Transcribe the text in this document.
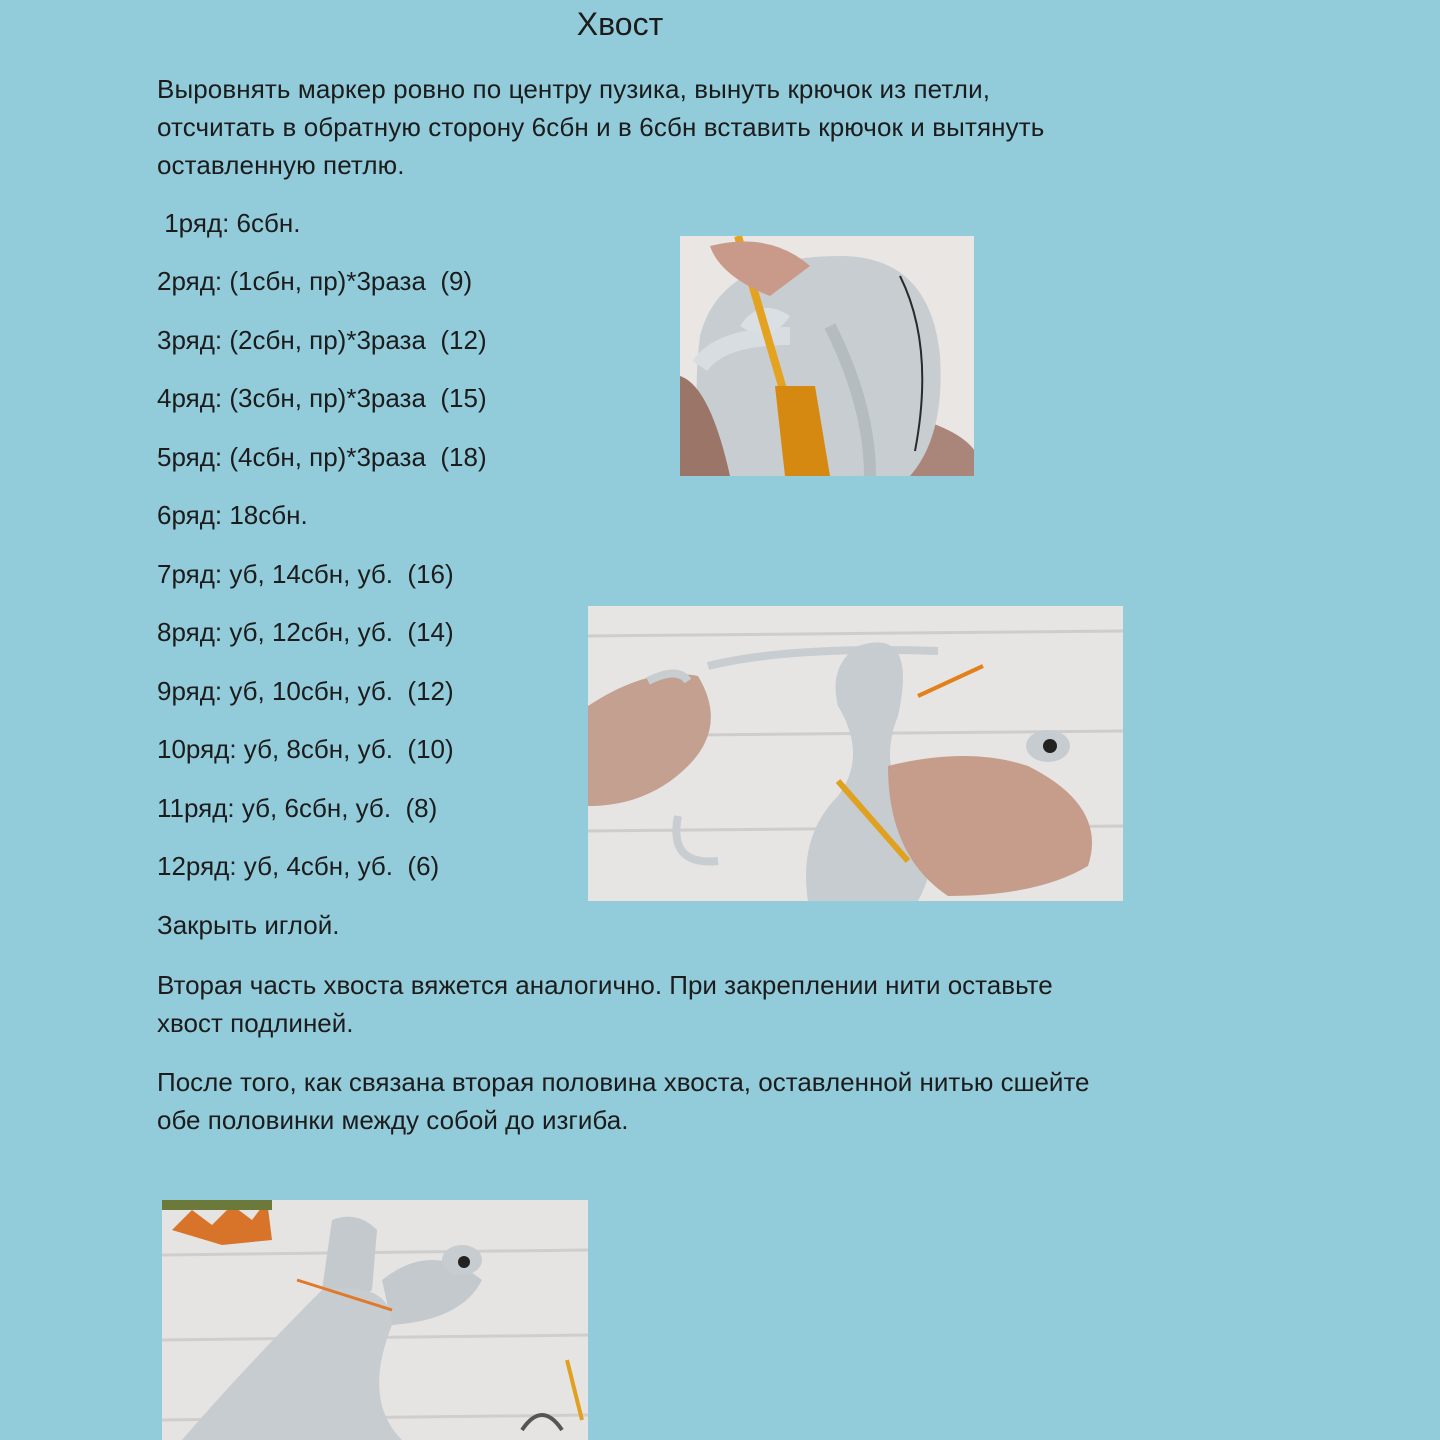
Хвост
Выровнять маркер ровно по центру пузика, вынуть крючок из петли, отсчитать в обратную сторону 6сбн и в 6сбн вставить крючок и вытянуть оставленную петлю.
1ряд: 6сбн.
2ряд: (1сбн, пр)*3раза  (9)
3ряд: (2сбн, пр)*3раза  (12)
4ряд: (3сбн, пр)*3раза  (15)
5ряд: (4сбн, пр)*3раза  (18)
6ряд: 18сбн.
7ряд: уб, 14сбн, уб.  (16)
8ряд: уб, 12сбн, уб.  (14)
9ряд: уб, 10сбн, уб.  (12)
10ряд: уб, 8сбн, уб.  (10)
11ряд: уб, 6сбн, уб.  (8)
12ряд: уб, 4сбн, уб.  (6)
Закрыть иглой.
Вторая часть хвоста вяжется аналогично. При закреплении нити оставьте хвост подлиней.
После того, как связана вторая половина хвоста, оставленной нитью сшейте обе половинки между собой до изгиба.
